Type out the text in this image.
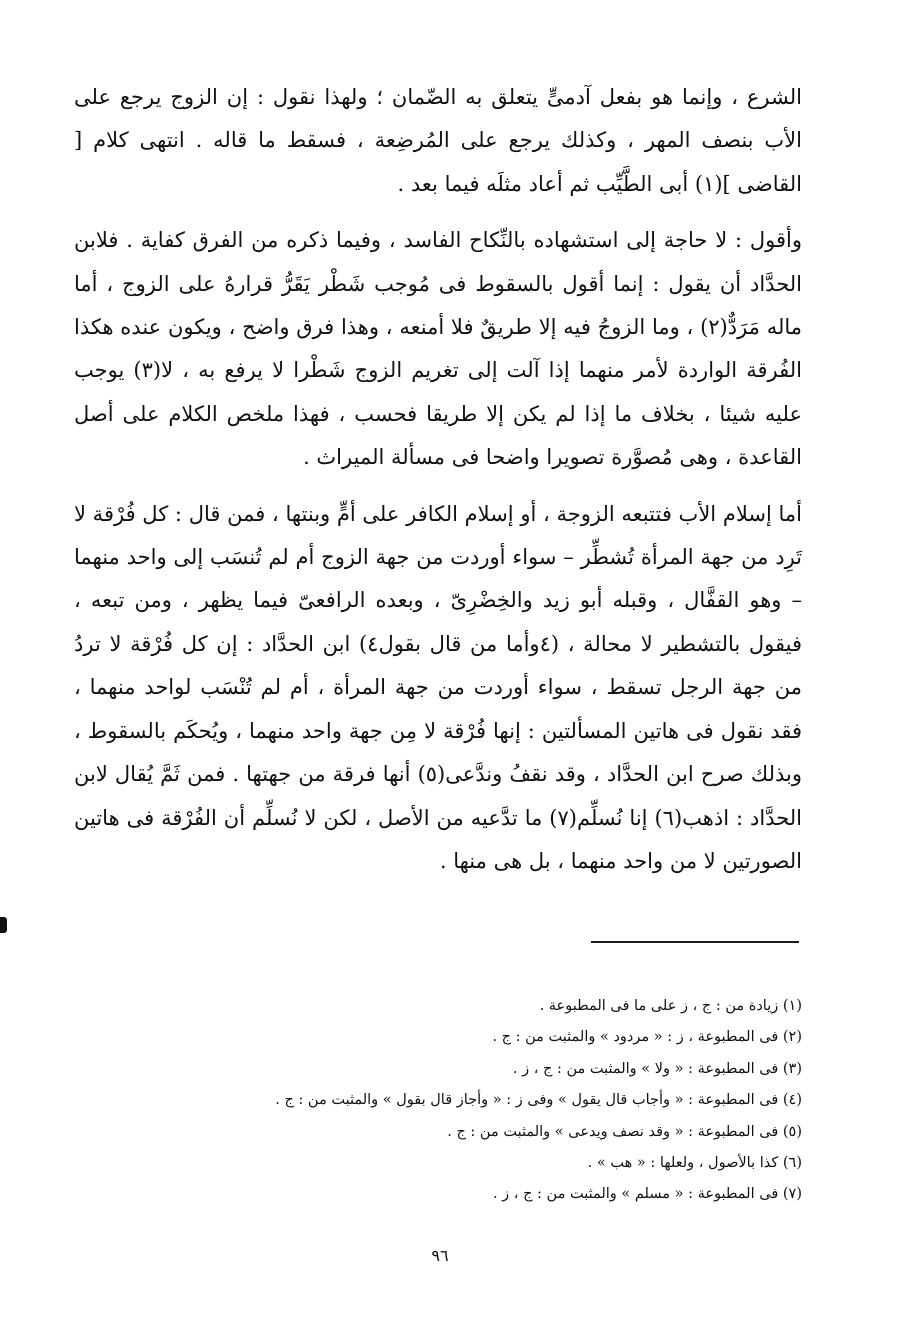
الشرع ، وإنما هو بفعل آدمىٍّ يتعلق به الضّمان ؛ ولهذا نقول : إن الزوج يرجع على الأب بنصف المهر ، وكذلك يرجع على المُرضِعة ، فسقط ما قاله . انتهى كلام [ القاضى ](١) أبى الطَّيِّب ثم أعاد مثلَه فيما بعد .

وأقول : لا حاجة إلى استشهاده بالنِّكاح الفاسد ، وفيما ذكره من الفرق كفاية . فلابن الحدَّاد أن يقول : إنما أقول بالسقوط فى مُوجب شَطْر يَقَرُّ قرارهُ على الزوج ، أما ماله مَرَدٌّ(٢) ، وما الزوجُ فيه إلا طريقٌ فلا أمنعه ، وهذا فرق واضح ، ويكون عنده هكذا الفُرقة الواردة لأمر منهما إذا آلت إلى تغريم الزوج شَطْرا لا يرفع به ، لا(٣) يوجب عليه شيئا ، بخلاف ما إذا لم يكن إلا طريقا فحسب ، فهذا ملخص الكلام على أصل القاعدة ، وهى مُصوَّرة تصويرا واضحا فى مسألة الميراث .

أما إسلام الأب فتتبعه الزوجة ، أو إسلام الكافر على أمٍّ وبنتها ، فمن قال : كل فُرْقة لا تَرِد من جهة المرأة تُشطِّر – سواء أوردت من جهة الزوج أم لم تُنسَب إلى واحد منهما – وهو القفَّال ، وقبله أبو زيد والخِضْرِىّ ، وبعده الرافعىّ فيما يظهر ، ومن تبعه ، فيقول بالتشطير لا محالة ، (٤وأما من قال بقول٤) ابن الحدَّاد : إن كل فُرْقة لا تردُ من جهة الرجل تسقط ، سواء أوردت من جهة المرأة ، أم لم تُنْسَب لواحد منهما ، فقد نقول فى هاتين المسألتين : إنها فُرْقة لا مِن جهة واحد منهما ، ويُحكَم بالسقوط ، وبذلك صرح ابن الحدَّاد ، وقد نقفُ وندَّعى(٥) أنها فرقة من جهتها . فمن ثَمَّ يُقال لابن الحدَّاد : اذهب(٦) إنا نُسلِّم(٧) ما تدَّعيه من الأصل ، لكن لا نُسلِّم أن الفُرْقة فى هاتين الصورتين لا من واحد منهما ، بل هى منها .

(١) زيادة من : ج ، ز على ما فى المطبوعة .

(٢) فى المطبوعة ، ز : « مردود » والمثبت من : ج .

(٣) فى المطبوعة : « ولا » والمثبت من : ج ، ز .

(٤) فى المطبوعة : « وأجاب قال يقول » وفى ز : « وأجاز قال بقول » والمثبت من : ج .

(٥) فى المطبوعة : « وقد نصف ويدعى » والمثبت من : ج .

(٦) كذا بالأصول ، ولعلها : « هب » .

(٧) فى المطبوعة : « مسلم » والمثبت من : ج ، ز .

٩٦
